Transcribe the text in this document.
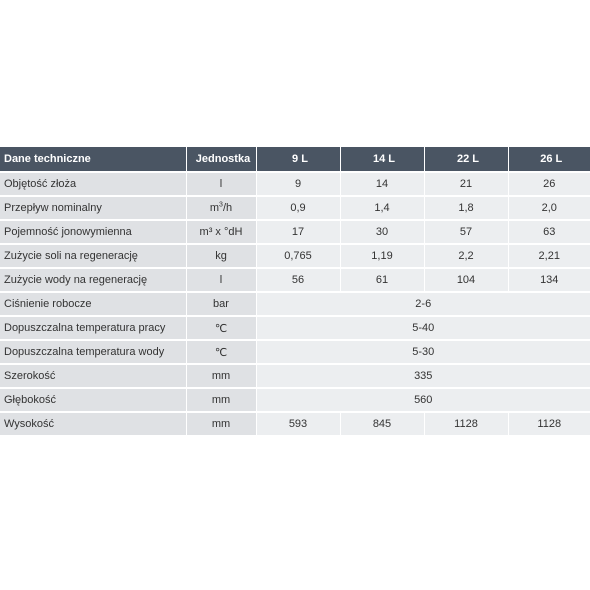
Dane techniczne	Jednostka	9 L	14 L	22 L	26 L
Objętość złoża	l	9	14	21	26
Przepływ nominalny	$m^3/h$	0,9	1,4	1,8	2,0
Pojemność jonowymienna	m³ x °dH	17	30	57	63
Zużycie soli na regenerację	kg	0,765	1,19	2,2	2,21
Zużycie wody na regenerację	l	56	61	104	134
Ciśnienie robocze	bar	2-6			
Dopuszczalna temperatura pracy	℃	5-40			
Dopuszczalna temperatura wody	℃	5-30			
Szerokość	mm	335			
Głębokość	mm	560			
Wysokość	mm	593	845	1128	1128
